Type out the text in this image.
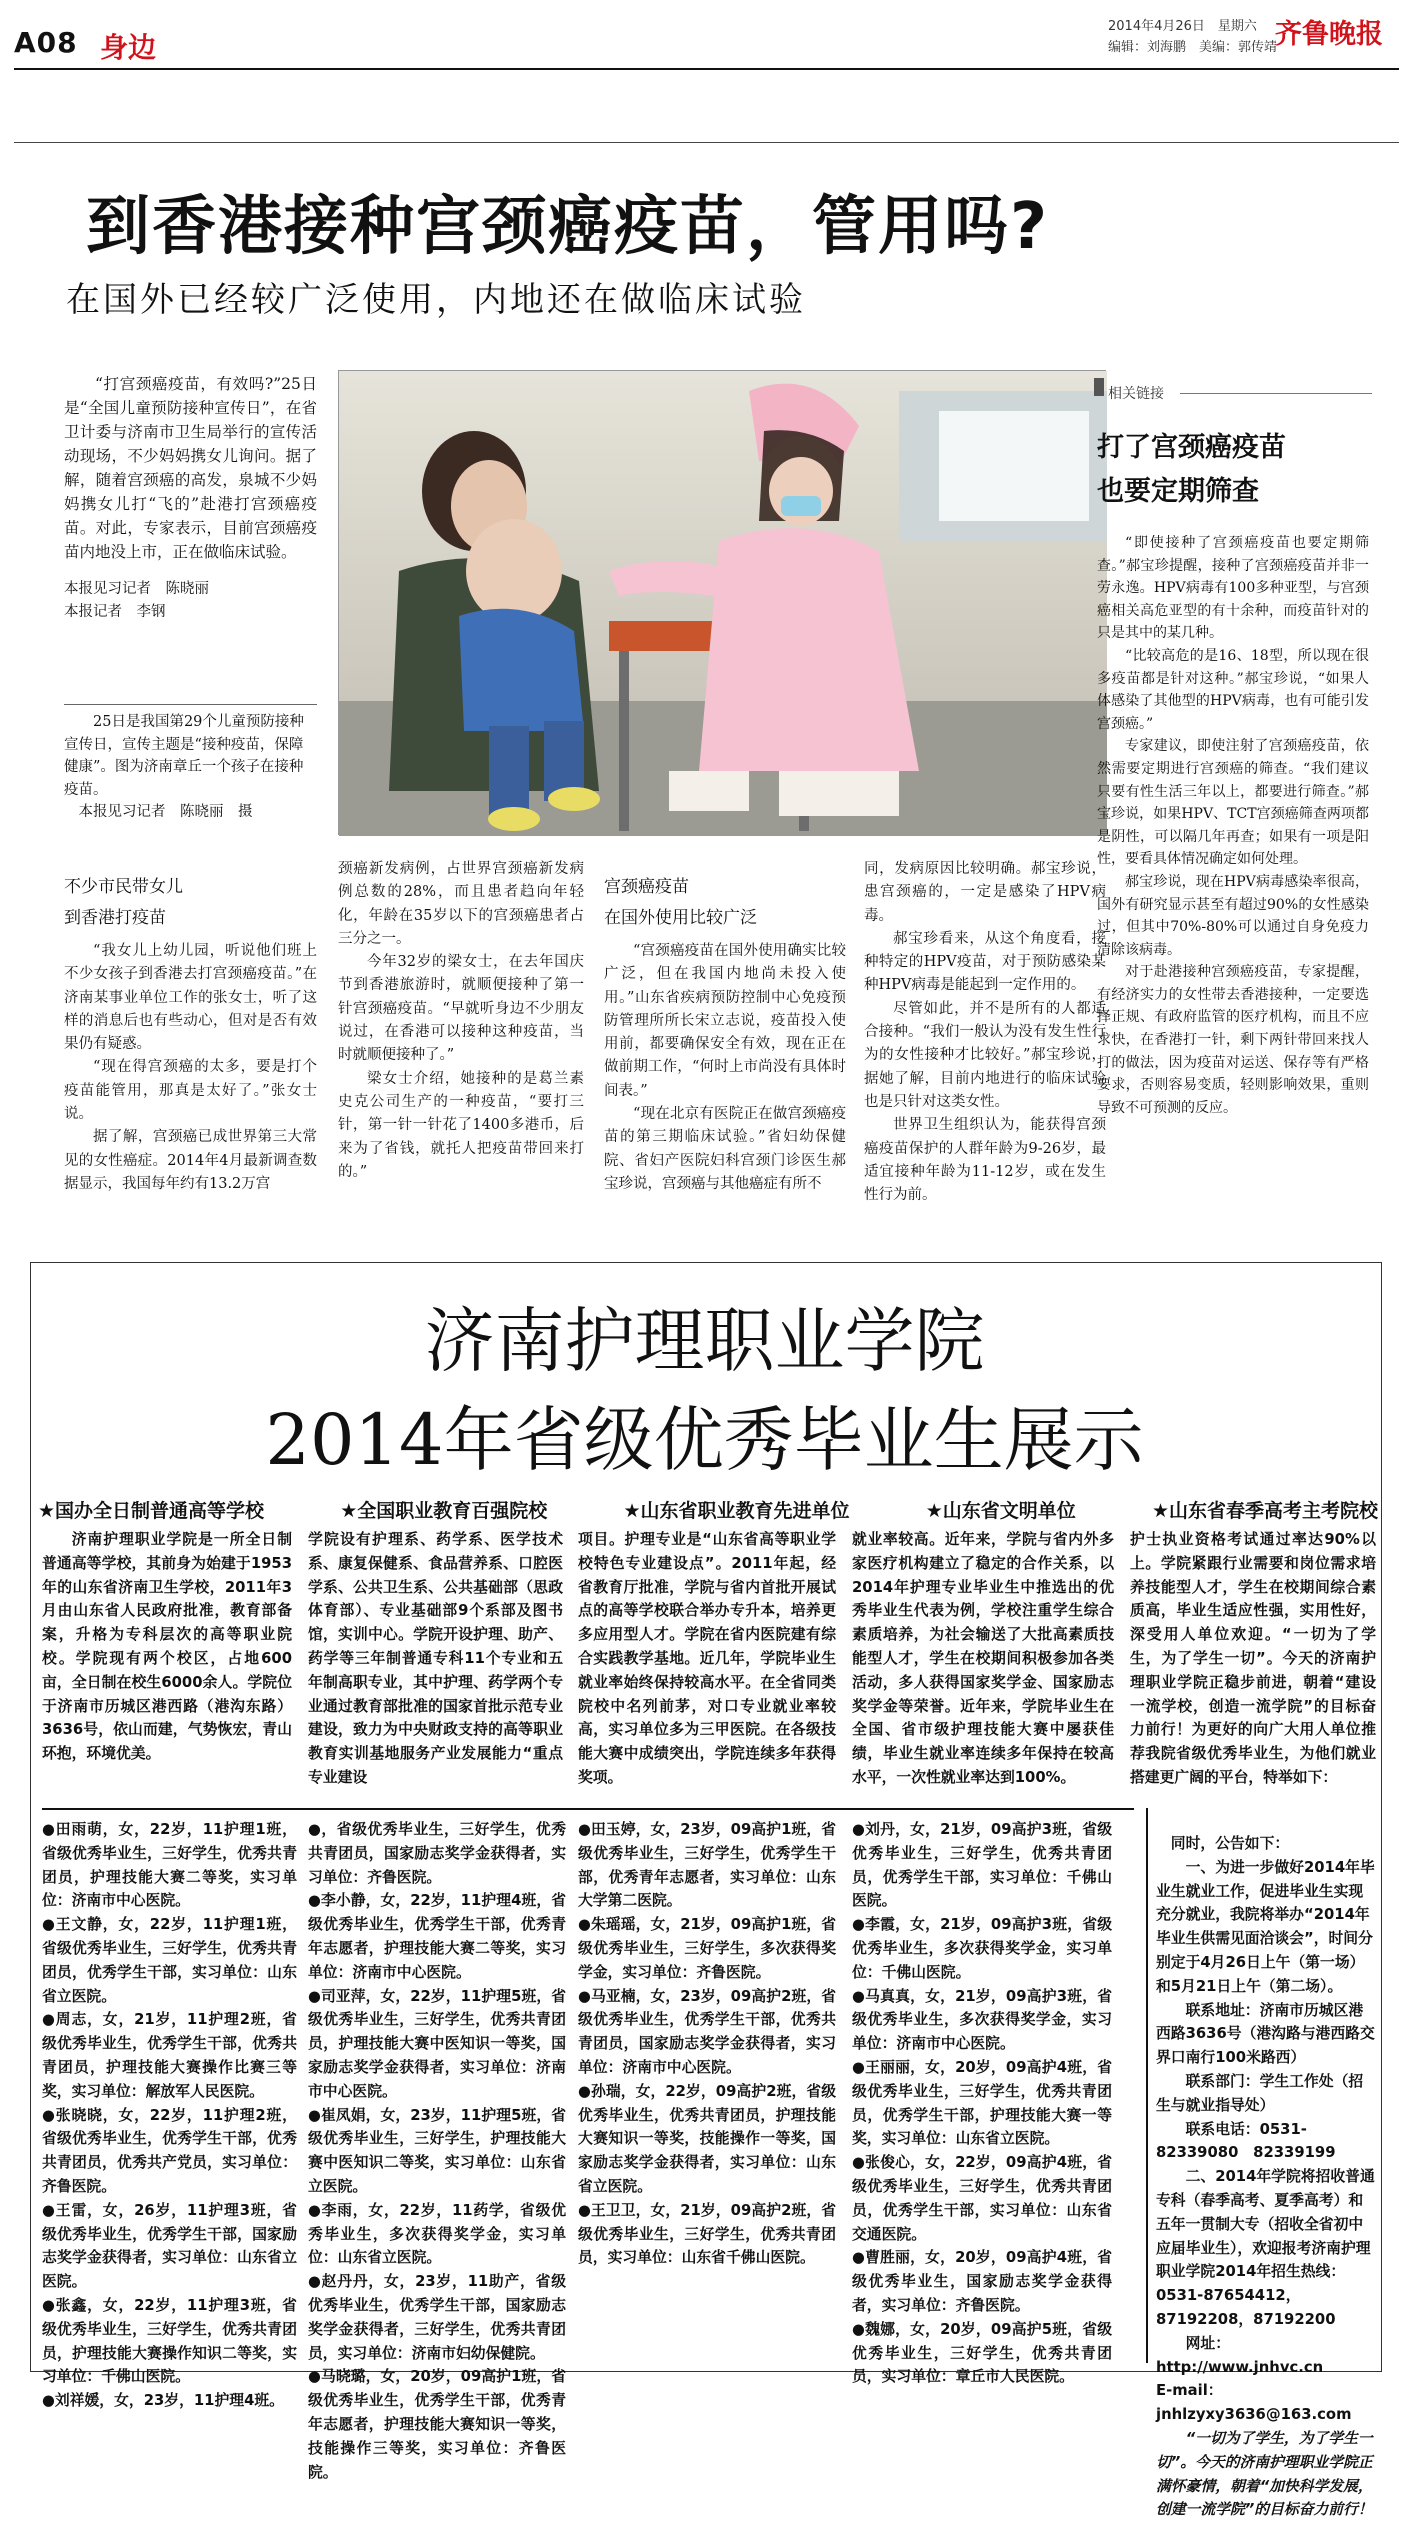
A08 身边
2014年4月26日　星期六
编辑：刘海鹏　美编：郭传靖
齐鲁晚报
到香港接种宫颈癌疫苗，管用吗?
在国外已经较广泛使用，内地还在做临床试验

“打宫颈癌疫苗，有效吗?”25日是“全国儿童预防接种宣传日”，在省卫计委与济南市卫生局举行的宣传活动现场，不少妈妈携女儿询问。据了解，随着宫颈癌的高发，泉城不少妈妈携女儿打“飞的”赴港打宫颈癌疫苗。对此，专家表示，目前宫颈癌疫苗内地没上市，正在做临床试验。

本报见习记者　陈晓丽
本报记者　李钢

25日是我国第29个儿童预防接种宣传日，宣传主题是“接种疫苗，保障健康”。图为济南章丘一个孩子在接种疫苗。

本报见习记者　陈晓丽　摄

不少市民带女儿
到香港打疫苗

“我女儿上幼儿园，听说他们班上不少女孩子到香港去打宫颈癌疫苗。”在济南某事业单位工作的张女士，听了这样的消息后也有些动心，但对是否有效果仍有疑惑。

“现在得宫颈癌的太多，要是打个疫苗能管用，那真是太好了。”张女士说。

据了解，宫颈癌已成世界第三大常见的女性癌症。2014年4月最新调查数据显示，我国每年约有13.2万宫

颈癌新发病例，占世界宫颈癌新发病例总数的28%，而且患者趋向年轻化，年龄在35岁以下的宫颈癌患者占三分之一。

今年32岁的梁女士，在去年国庆节到香港旅游时，就顺便接种了第一针宫颈癌疫苗。“早就听身边不少朋友说过，在香港可以接种这种疫苗，当时就顺便接种了。”

梁女士介绍，她接种的是葛兰素史克公司生产的一种疫苗，“要打三针，第一针一针花了1400多港币，后来为了省钱，就托人把疫苗带回来打的。”

宫颈癌疫苗
在国外使用比较广泛

“宫颈癌疫苗在国外使用确实比较广泛，但在我国内地尚未投入使用。”山东省疾病预防控制中心免疫预防管理所所长宋立志说，疫苗投入使用前，都要确保安全有效，现在正在做前期工作，“何时上市尚没有具体时间表。”

“现在北京有医院正在做宫颈癌疫苗的第三期临床试验。”省妇幼保健院、省妇产医院妇科宫颈门诊医生郝宝珍说，宫颈癌与其他癌症有所不

同，发病原因比较明确。郝宝珍说，患宫颈癌的，一定是感染了HPV病毒。

郝宝珍看来，从这个角度看，接种特定的HPV疫苗，对于预防感染某种HPV病毒是能起到一定作用的。

尽管如此，并不是所有的人都适合接种。“我们一般认为没有发生性行为的女性接种才比较好。”郝宝珍说，据她了解，目前内地进行的临床试验也是只针对这类女性。

世界卫生组织认为，能获得宫颈癌疫苗保护的人群年龄为9-26岁，最适宜接种年龄为11-12岁，或在发生性行为前。

相关链接
打了宫颈癌疫苗
也要定期筛查

“即使接种了宫颈癌疫苗也要定期筛查。”郝宝珍提醒，接种了宫颈癌疫苗并非一劳永逸。HPV病毒有100多种亚型，与宫颈癌相关高危亚型的有十余种，而疫苗针对的只是其中的某几种。

“比较高危的是16、18型，所以现在很多疫苗都是针对这种。”郝宝珍说，“如果人体感染了其他型的HPV病毒，也有可能引发宫颈癌。”

专家建议，即使注射了宫颈癌疫苗，依然需要定期进行宫颈癌的筛查。“我们建议只要有性生活三年以上，都要进行筛查。”郝宝珍说，如果HPV、TCT宫颈癌筛查两项都是阴性，可以隔几年再查；如果有一项是阳性，要看具体情况确定如何处理。

郝宝珍说，现在HPV病毒感染率很高，国外有研究显示甚至有超过90%的女性感染过，但其中70%-80%可以通过自身免疫力清除该病毒。

对于赴港接种宫颈癌疫苗，专家提醒，有经济实力的女性带去香港接种，一定要选择正规、有政府监管的医疗机构，而且不应求快，在香港打一针，剩下两针带回来找人打的做法，因为疫苗对运送、保存等有严格要求，否则容易变质，轻则影响效果，重则导致不可预测的反应。

济南护理职业学院
2014年省级优秀毕业生展示
★国办全日制普通高等学校	★全国职业教育百强院校	★山东省职业教育先进单位	★山东省文明单位	★山东省春季高考主考院校

济南护理职业学院是一所全日制普通高等学校，其前身为始建于1953年的山东省济南卫生学校，2011年3月由山东省人民政府批准，教育部备案，升格为专科层次的高等职业院校。学院现有两个校区，占地600亩，全日制在校生6000余人。学院位于济南市历城区港西路（港沟东路）3636号，依山而建，气势恢宏，青山环抱，环境优美。

学院设有护理系、药学系、医学技术系、康复保健系、食品营养系、口腔医学系、公共卫生系、公共基础部（思政体育部）、专业基础部9个系部及图书馆，实训中心。学院开设护理、助产、药学等三年制普通专科11个专业和五年制高职专业，其中护理、药学两个专业通过教育部批准的国家首批示范专业建设，致力为中央财政支持的高等职业教育实训基地服务产业发展能力“重点专业建设

项目。护理专业是“山东省高等职业学校特色专业建设点”。2011年起，经省教育厅批准，学院与省内首批开展试点的高等学校联合举办专升本，培养更多应用型人才。学院在省内医院建有综合实践教学基地。近几年，学院毕业生就业率始终保持较高水平。在全省同类院校中名列前茅，对口专业就业率较高，实习单位多为三甲医院。在各级技能大赛中成绩突出，学院连续多年获得奖项。

就业率较高。近年来，学院与省内外多家医疗机构建立了稳定的合作关系，以2014年护理专业毕业生中推选出的优秀毕业生代表为例，学校注重学生综合素质培养，为社会输送了大批高素质技能型人才，学生在校期间积极参加各类活动，多人获得国家奖学金、国家励志奖学金等荣誉。近年来，学院毕业生在全国、省市级护理技能大赛中屡获佳绩，毕业生就业率连续多年保持在较高水平，一次性就业率达到100%。

护士执业资格考试通过率达90%以上。学院紧跟行业需要和岗位需求培养技能型人才，学生在校期间综合素质高，毕业生适应性强，实用性好，深受用人单位欢迎。“一切为了学生，为了学生一切”。今天的济南护理职业学院正稳步前进，朝着“建设一流学校，创造一流学院”的目标奋力前行！为更好的向广大用人单位推荐我院省级优秀毕业生，为他们就业搭建更广阔的平台，特举如下：

●田雨萌，女，22岁，11护理1班，省级优秀毕业生，三好学生，优秀共青团员，护理技能大赛二等奖，实习单位：济南市中心医院。

●王文静，女，22岁，11护理1班，省级优秀毕业生，三好学生，优秀共青团员，优秀学生干部，实习单位：山东省立医院。

●周志，女，21岁，11护理2班，省级优秀毕业生，优秀学生干部，优秀共青团员，护理技能大赛操作比赛三等奖，实习单位：解放军人民医院。

●张晓晓，女，22岁，11护理2班，省级优秀毕业生，优秀学生干部，优秀共青团员，优秀共产党员，实习单位：齐鲁医院。

●王雷，女，26岁，11护理3班，省级优秀毕业生，优秀学生干部，国家励志奖学金获得者，实习单位：山东省立医院。

●张鑫，女，22岁，11护理3班，省级优秀毕业生，三好学生，优秀共青团员，护理技能大赛操作知识二等奖，实习单位：千佛山医院。

●刘祥媛，女，23岁，11护理4班。

●，省级优秀毕业生，三好学生，优秀共青团员，国家励志奖学金获得者，实习单位：齐鲁医院。

●李小静，女，22岁，11护理4班，省级优秀毕业生，优秀学生干部，优秀青年志愿者，护理技能大赛二等奖，实习单位：济南市中心医院。

●司亚萍，女，22岁，11护理5班，省级优秀毕业生，三好学生，优秀共青团员，护理技能大赛中医知识一等奖，国家励志奖学金获得者，实习单位：济南市中心医院。

●崔凤娟，女，23岁，11护理5班，省级优秀毕业生，三好学生，护理技能大赛中医知识二等奖，实习单位：山东省立医院。

●李雨，女，22岁，11药学，省级优秀毕业生，多次获得奖学金，实习单位：山东省立医院。

●赵丹丹，女，23岁，11助产，省级优秀毕业生，优秀学生干部，国家励志奖学金获得者，三好学生，优秀共青团员，实习单位：济南市妇幼保健院。

●马晓璐，女，20岁，09高护1班，省级优秀毕业生，优秀学生干部，优秀青年志愿者，护理技能大赛知识一等奖，技能操作三等奖，实习单位：齐鲁医院。

●田玉婷，女，23岁，09高护1班，省级优秀毕业生，三好学生，优秀学生干部，优秀青年志愿者，实习单位：山东大学第二医院。

●朱瑶瑶，女，21岁，09高护1班，省级优秀毕业生，三好学生，多次获得奖学金，实习单位：齐鲁医院。

●马亚楠，女，23岁，09高护2班，省级优秀毕业生，优秀学生干部，优秀共青团员，国家励志奖学金获得者，实习单位：济南市中心医院。

●孙瑞，女，22岁，09高护2班，省级优秀毕业生，优秀共青团员，护理技能大赛知识一等奖，技能操作一等奖，国家励志奖学金获得者，实习单位：山东省立医院。

●王卫卫，女，21岁，09高护2班，省级优秀毕业生，三好学生，优秀共青团员，实习单位：山东省千佛山医院。

●刘丹，女，21岁，09高护3班，省级优秀毕业生，三好学生，优秀共青团员，优秀学生干部，实习单位：千佛山医院。

●李霞，女，21岁，09高护3班，省级优秀毕业生，多次获得奖学金，实习单位：千佛山医院。

●马真真，女，21岁，09高护3班，省级优秀毕业生，多次获得奖学金，实习单位：济南市中心医院。

●王丽丽，女，20岁，09高护4班，省级优秀毕业生，三好学生，优秀共青团员，优秀学生干部，护理技能大赛一等奖，实习单位：山东省立医院。

●张俊心，女，22岁，09高护4班，省级优秀毕业生，三好学生，优秀共青团员，优秀学生干部，实习单位：山东省交通医院。

●曹胜丽，女，20岁，09高护4班，省级优秀毕业生，国家励志奖学金获得者，实习单位：齐鲁医院。

●魏娜，女，20岁，09高护5班，省级优秀毕业生，三好学生，优秀共青团员，实习单位：章丘市人民医院。

同时，公告如下：

一、为进一步做好2014年毕业生就业工作，促进毕业生实现充分就业，我院将举办“2014年毕业生供需见面洽谈会”，时间分别定于4月26日上午（第一场）和5月21日上午（第二场）。

联系地址：济南市历城区港西路3636号（港沟路与港西路交界口南行100米路西）

联系部门：学生工作处（招生与就业指导处）

联系电话：0531-82339080　82339199

二、2014年学院将招收普通专科（春季高考、夏季高考）和五年一贯制大专（招收全省初中应届毕业生），欢迎报考济南护理职业学院2014年招生热线：0531-87654412，87192208，87192200

网址：http://www.jnhvc.cn
E-mail：jnhlzyxy3636@163.com

“一切为了学生，为了学生一切”。今天的济南护理职业学院正满怀豪情，朝着“加快科学发展，创建一流学院”的目标奋力前行！
